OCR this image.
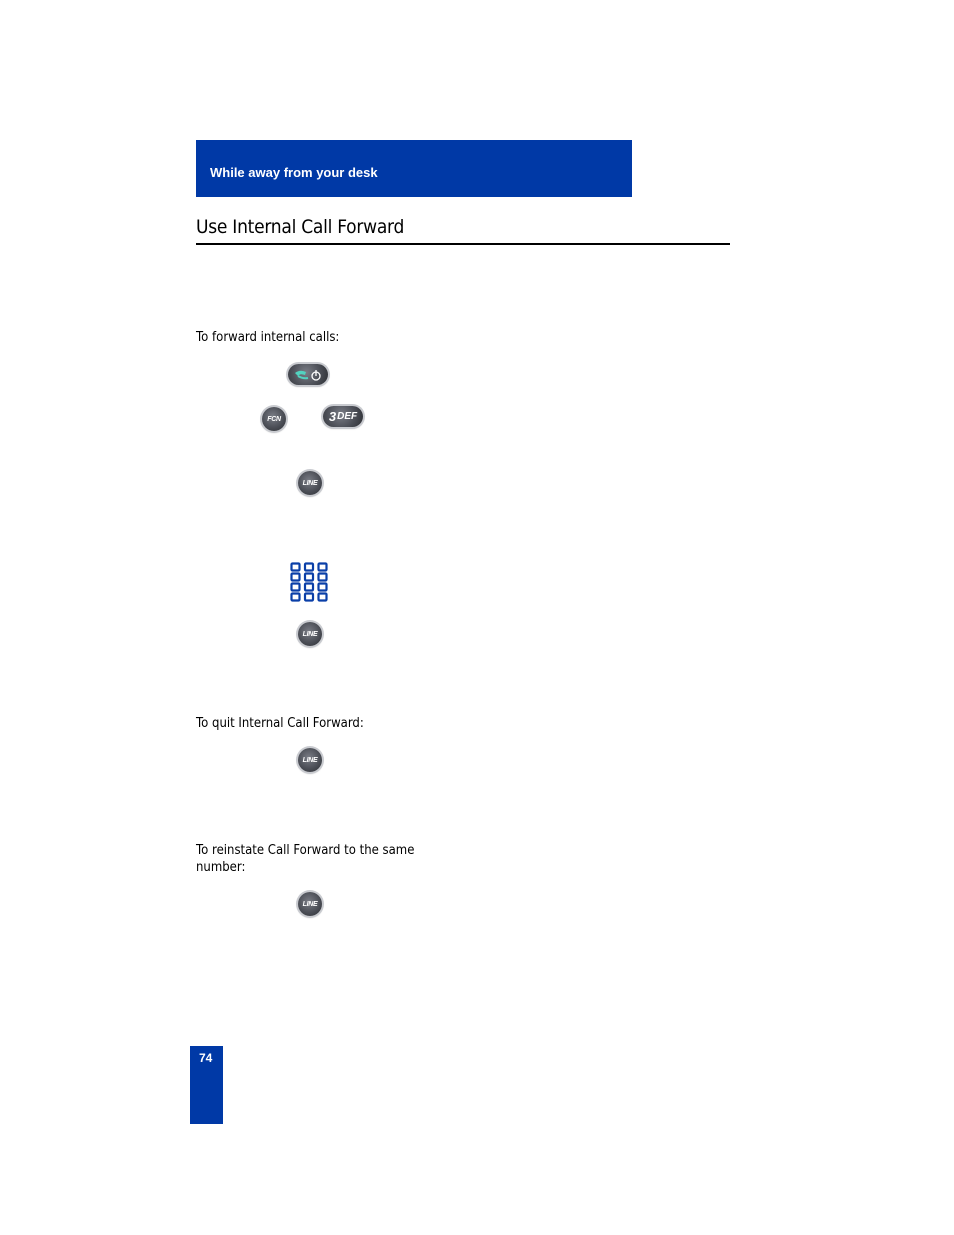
While away from your desk
Use Internal Call Forward
To forward internal calls:
FCN	3 DEF
LINE
LINE
To quit Internal Call Forward:
LINE
To reinstate Call Forward to the same
number:
LINE
74
